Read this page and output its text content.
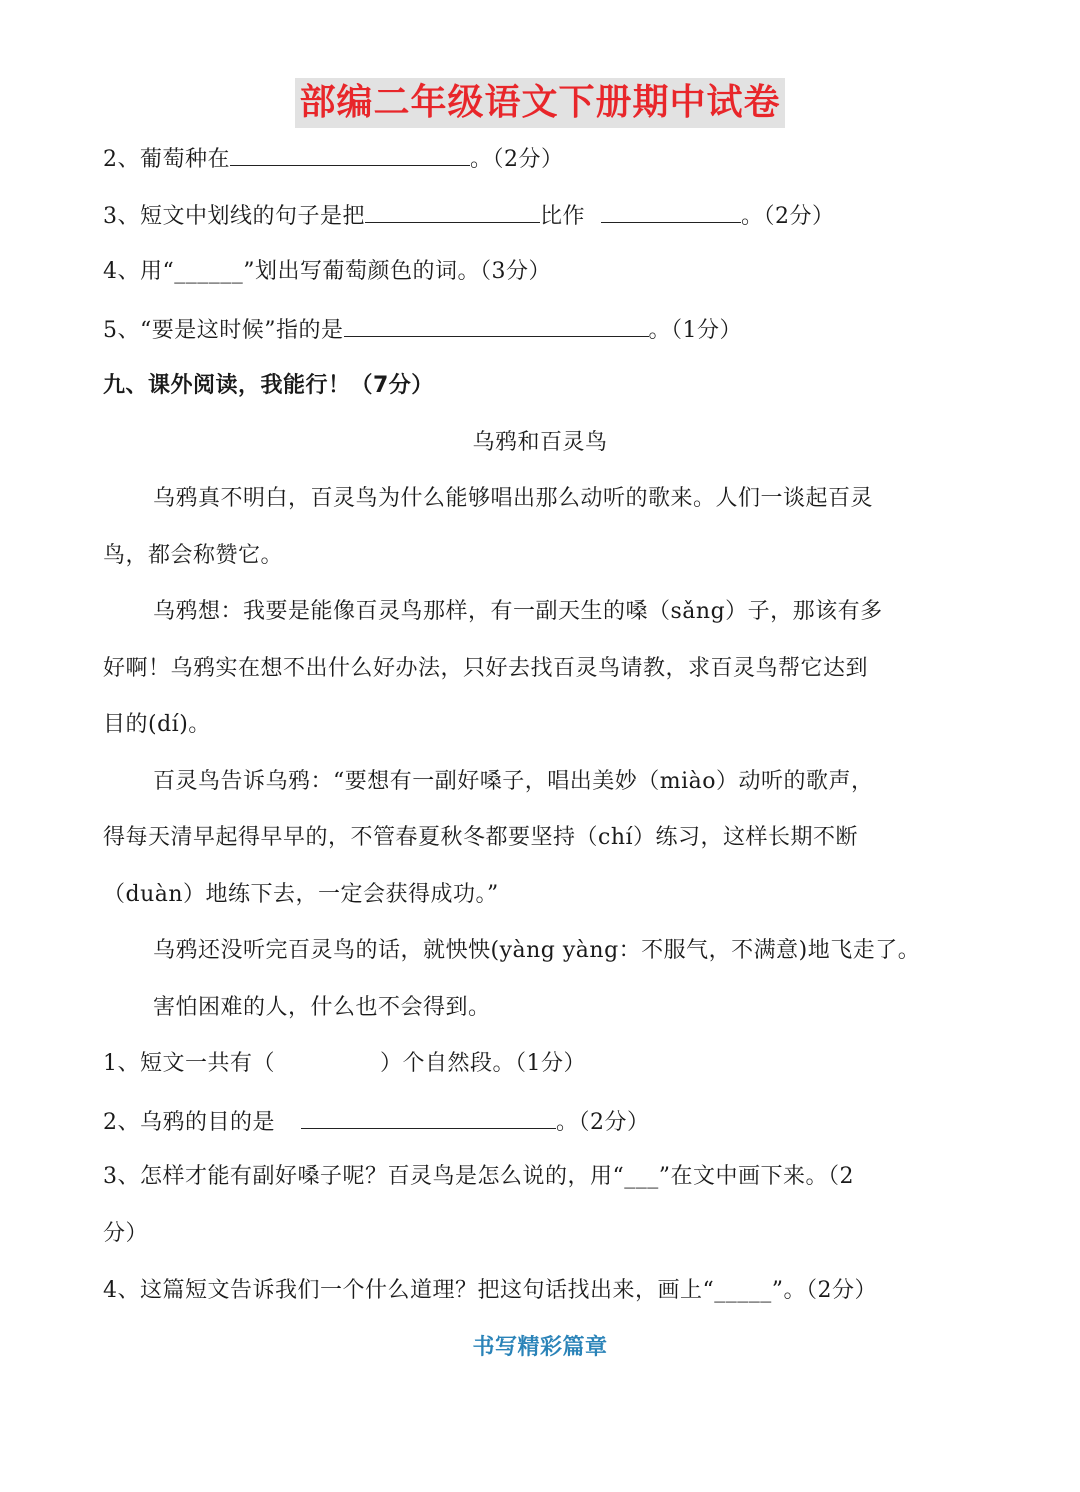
部编二年级语文下册期中试卷
2、葡萄种在	。（2分）
3、短文中划线的句子是把	比作	。（2分）
4、用“______”划出写葡萄颜色的词。（3分）
5、“要是这时候”指的是	。（1分）
九、课外阅读，我能行！（7分）
乌鸦和百灵鸟
乌鸦真不明白，百灵鸟为什么能够唱出那么动听的歌来。人们一谈起百灵
鸟，都会称赞它。
乌鸦想：我要是能像百灵鸟那样，有一副天生的嗓（sǎng）子，那该有多
好啊！乌鸦实在想不出什么好办法，只好去找百灵鸟请教，求百灵鸟帮它达到
目的(dí)。
百灵鸟告诉乌鸦：“要想有一副好嗓子，唱出美妙（miào）动听的歌声，
得每天清早起得早早的，不管春夏秋冬都要坚持（chí）练习，这样长期不断
（duàn）地练下去，一定会获得成功。”
乌鸦还没听完百灵鸟的话，就怏怏(yàng yàng：不服气，不满意)地飞走了。
害怕困难的人，什么也不会得到。
1、短文一共有（	）个自然段。（1分）
2、乌鸦的目的是	。（2分）
3、怎样才能有副好嗓子呢？百灵鸟是怎么说的，用“___”在文中画下来。（2
分）
4、这篇短文告诉我们一个什么道理？把这句话找出来，画上“_____”。（2分）
书写精彩篇章
